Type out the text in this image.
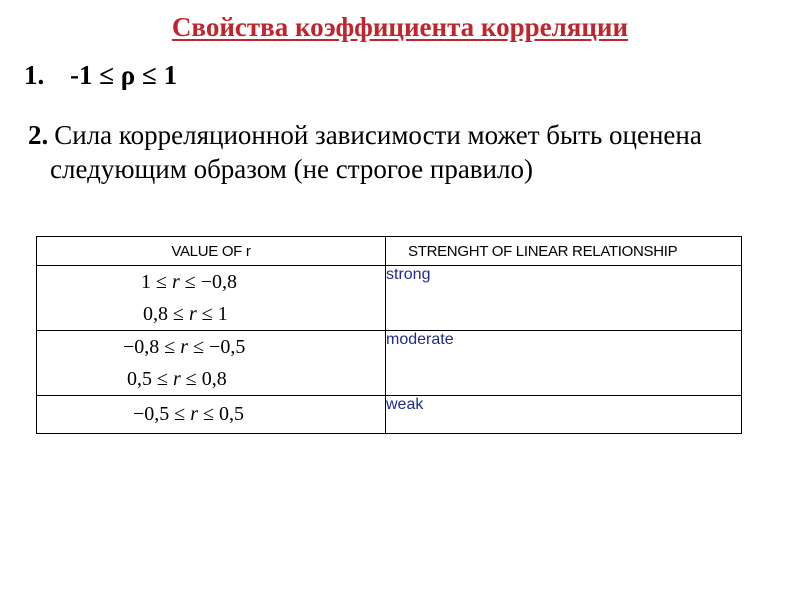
Свойства коэффициента корреляции
1. -1 ≤ ρ ≤ 1
2. Сила корреляционной зависимости может быть оценена
следующим образом (не строгое правило)
VALUE OF r	STRENGHT OF LINEAR RELATIONSHIP

1 ≤ r ≤ −0,8
0,8 ≤ r ≤ 1	strong

−0,8 ≤ r ≤ −0,5
0,5 ≤ r ≤ 0,8	moderate

−0,5 ≤ r ≤ 0,5	weak
